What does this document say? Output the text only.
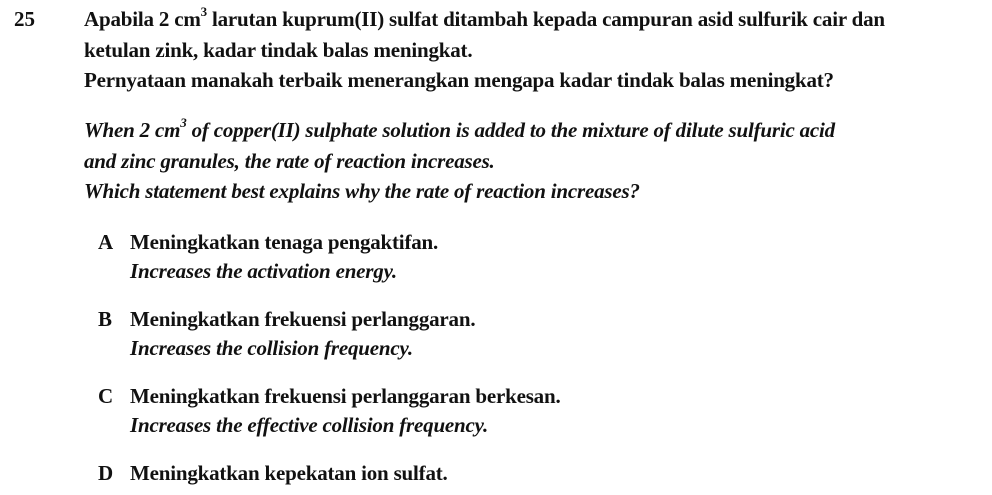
25 Apabila 2 $cm^3$ larutan kuprum(II) sulfat ditambah kepada campuran asid sulfurik cair dan
ketulan zink, kadar tindak balas meningkat.
Pernyataan manakah terbaik menerangkan mengapa kadar tindak balas meningkat?
When 2 $cm^3$ of copper(II) sulphate solution is added to the mixture of dilute sulfuric acid
and zinc granules, the rate of reaction increases.
Which statement best explains why the rate of reaction increases?
A Meningkatkan tenaga pengaktifan.
Increases the activation energy.
B Meningkatkan frekuensi perlanggaran.
Increases the collision frequency.
C Meningkatkan frekuensi perlanggaran berkesan.
Increases the effective collision frequency.
D Meningkatkan kepekatan ion sulfat.
